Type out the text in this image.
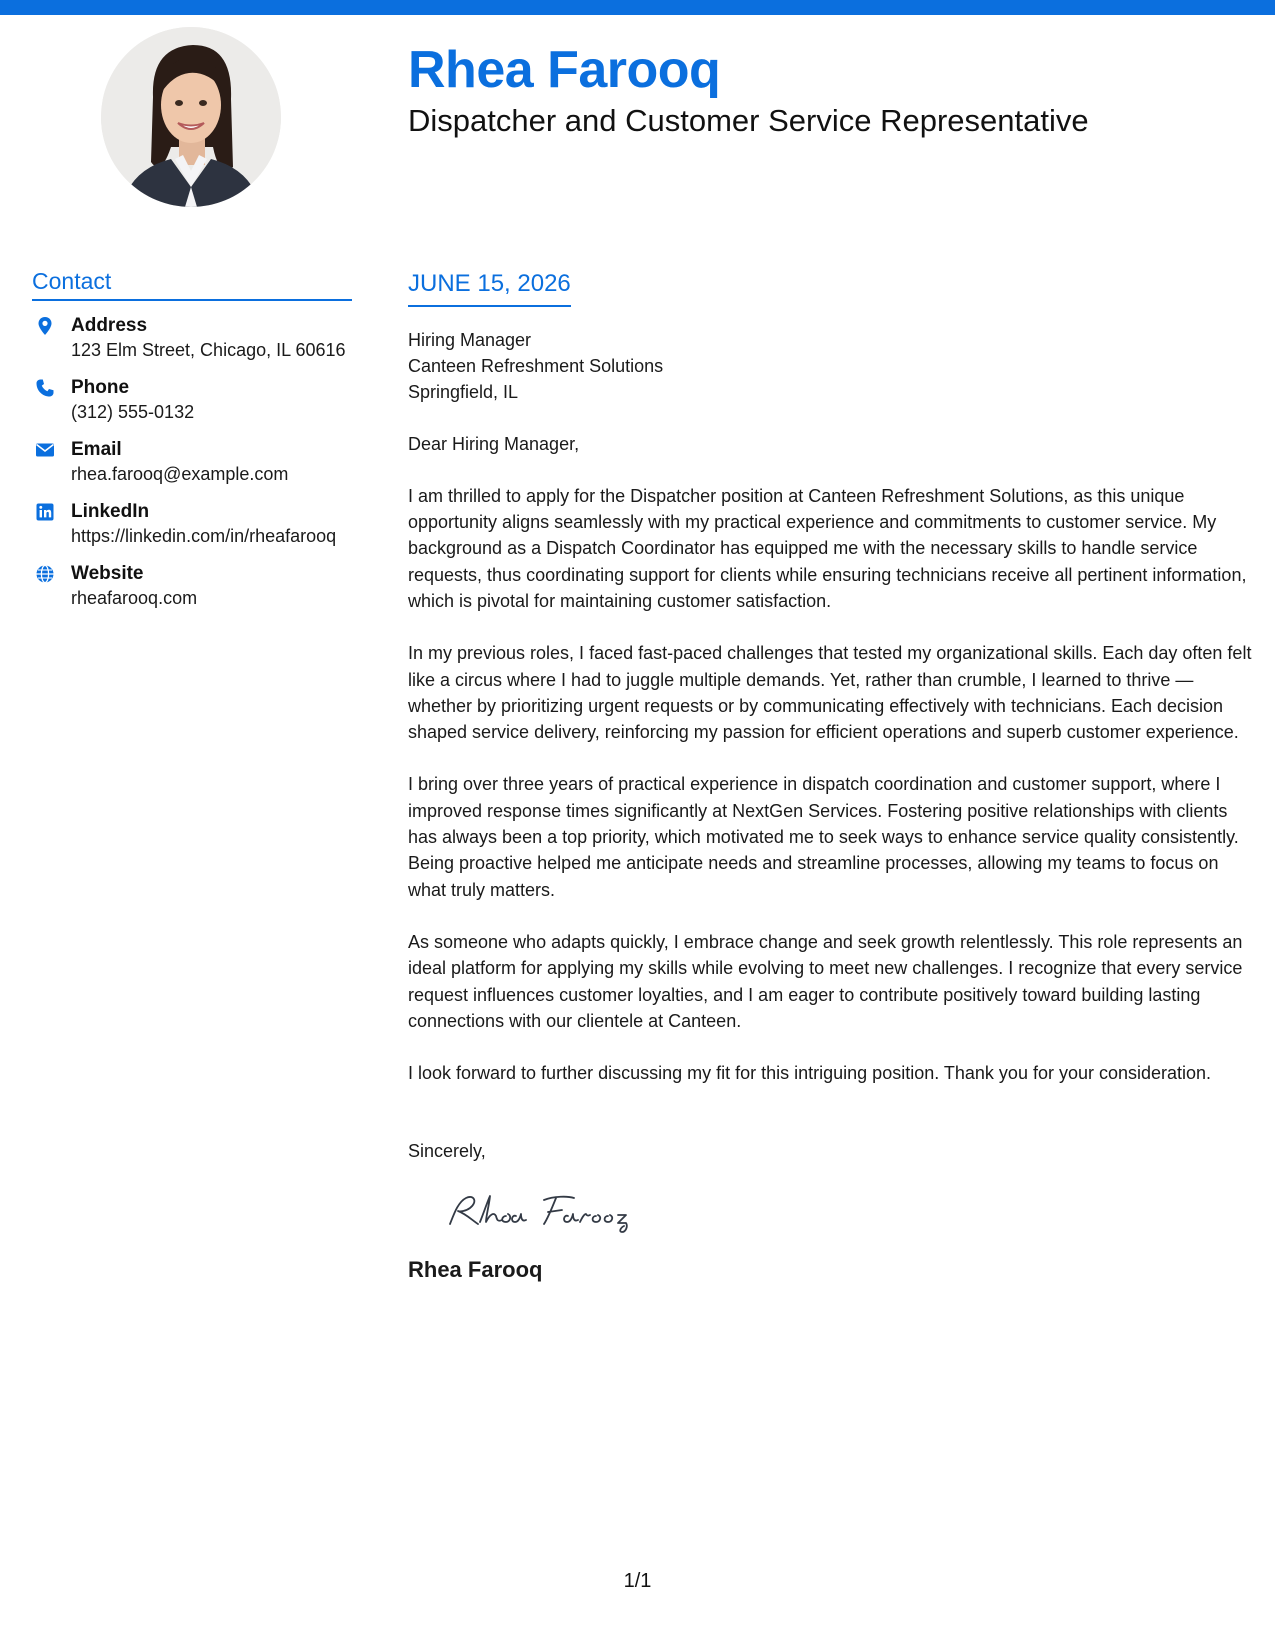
Rhea Farooq
Dispatcher and Customer Service Representative
Contact
Address
123 Elm Street, Chicago, IL 60616
Phone
(312) 555-0132
Email
rhea.farooq@example.com
LinkedIn
https://linkedin.com/in/rheafarooq
Website
rheafarooq.com
JUNE 15, 2026
Hiring Manager
Canteen Refreshment Solutions
Springfield, IL
Dear Hiring Manager,
I am thrilled to apply for the Dispatcher position at Canteen Refreshment Solutions, as this unique opportunity aligns seamlessly with my practical experience and commitments to customer service. My background as a Dispatch Coordinator has equipped me with the necessary skills to handle service requests, thus coordinating support for clients while ensuring technicians receive all pertinent information, which is pivotal for maintaining customer satisfaction.
In my previous roles, I faced fast-paced challenges that tested my organizational skills. Each day often felt like a circus where I had to juggle multiple demands. Yet, rather than crumble, I learned to thrive — whether by prioritizing urgent requests or by communicating effectively with technicians. Each decision shaped service delivery, reinforcing my passion for efficient operations and superb customer experience.
I bring over three years of practical experience in dispatch coordination and customer support, where I improved response times significantly at NextGen Services. Fostering positive relationships with clients has always been a top priority, which motivated me to seek ways to enhance service quality consistently. Being proactive helped me anticipate needs and streamline processes, allowing my teams to focus on what truly matters.
As someone who adapts quickly, I embrace change and seek growth relentlessly. This role represents an ideal platform for applying my skills while evolving to meet new challenges. I recognize that every service request influences customer loyalties, and I am eager to contribute positively toward building lasting connections with our clientele at Canteen.
I look forward to further discussing my fit for this intriguing position. Thank you for your consideration.
Sincerely,
Rhea Farooq
1/1
